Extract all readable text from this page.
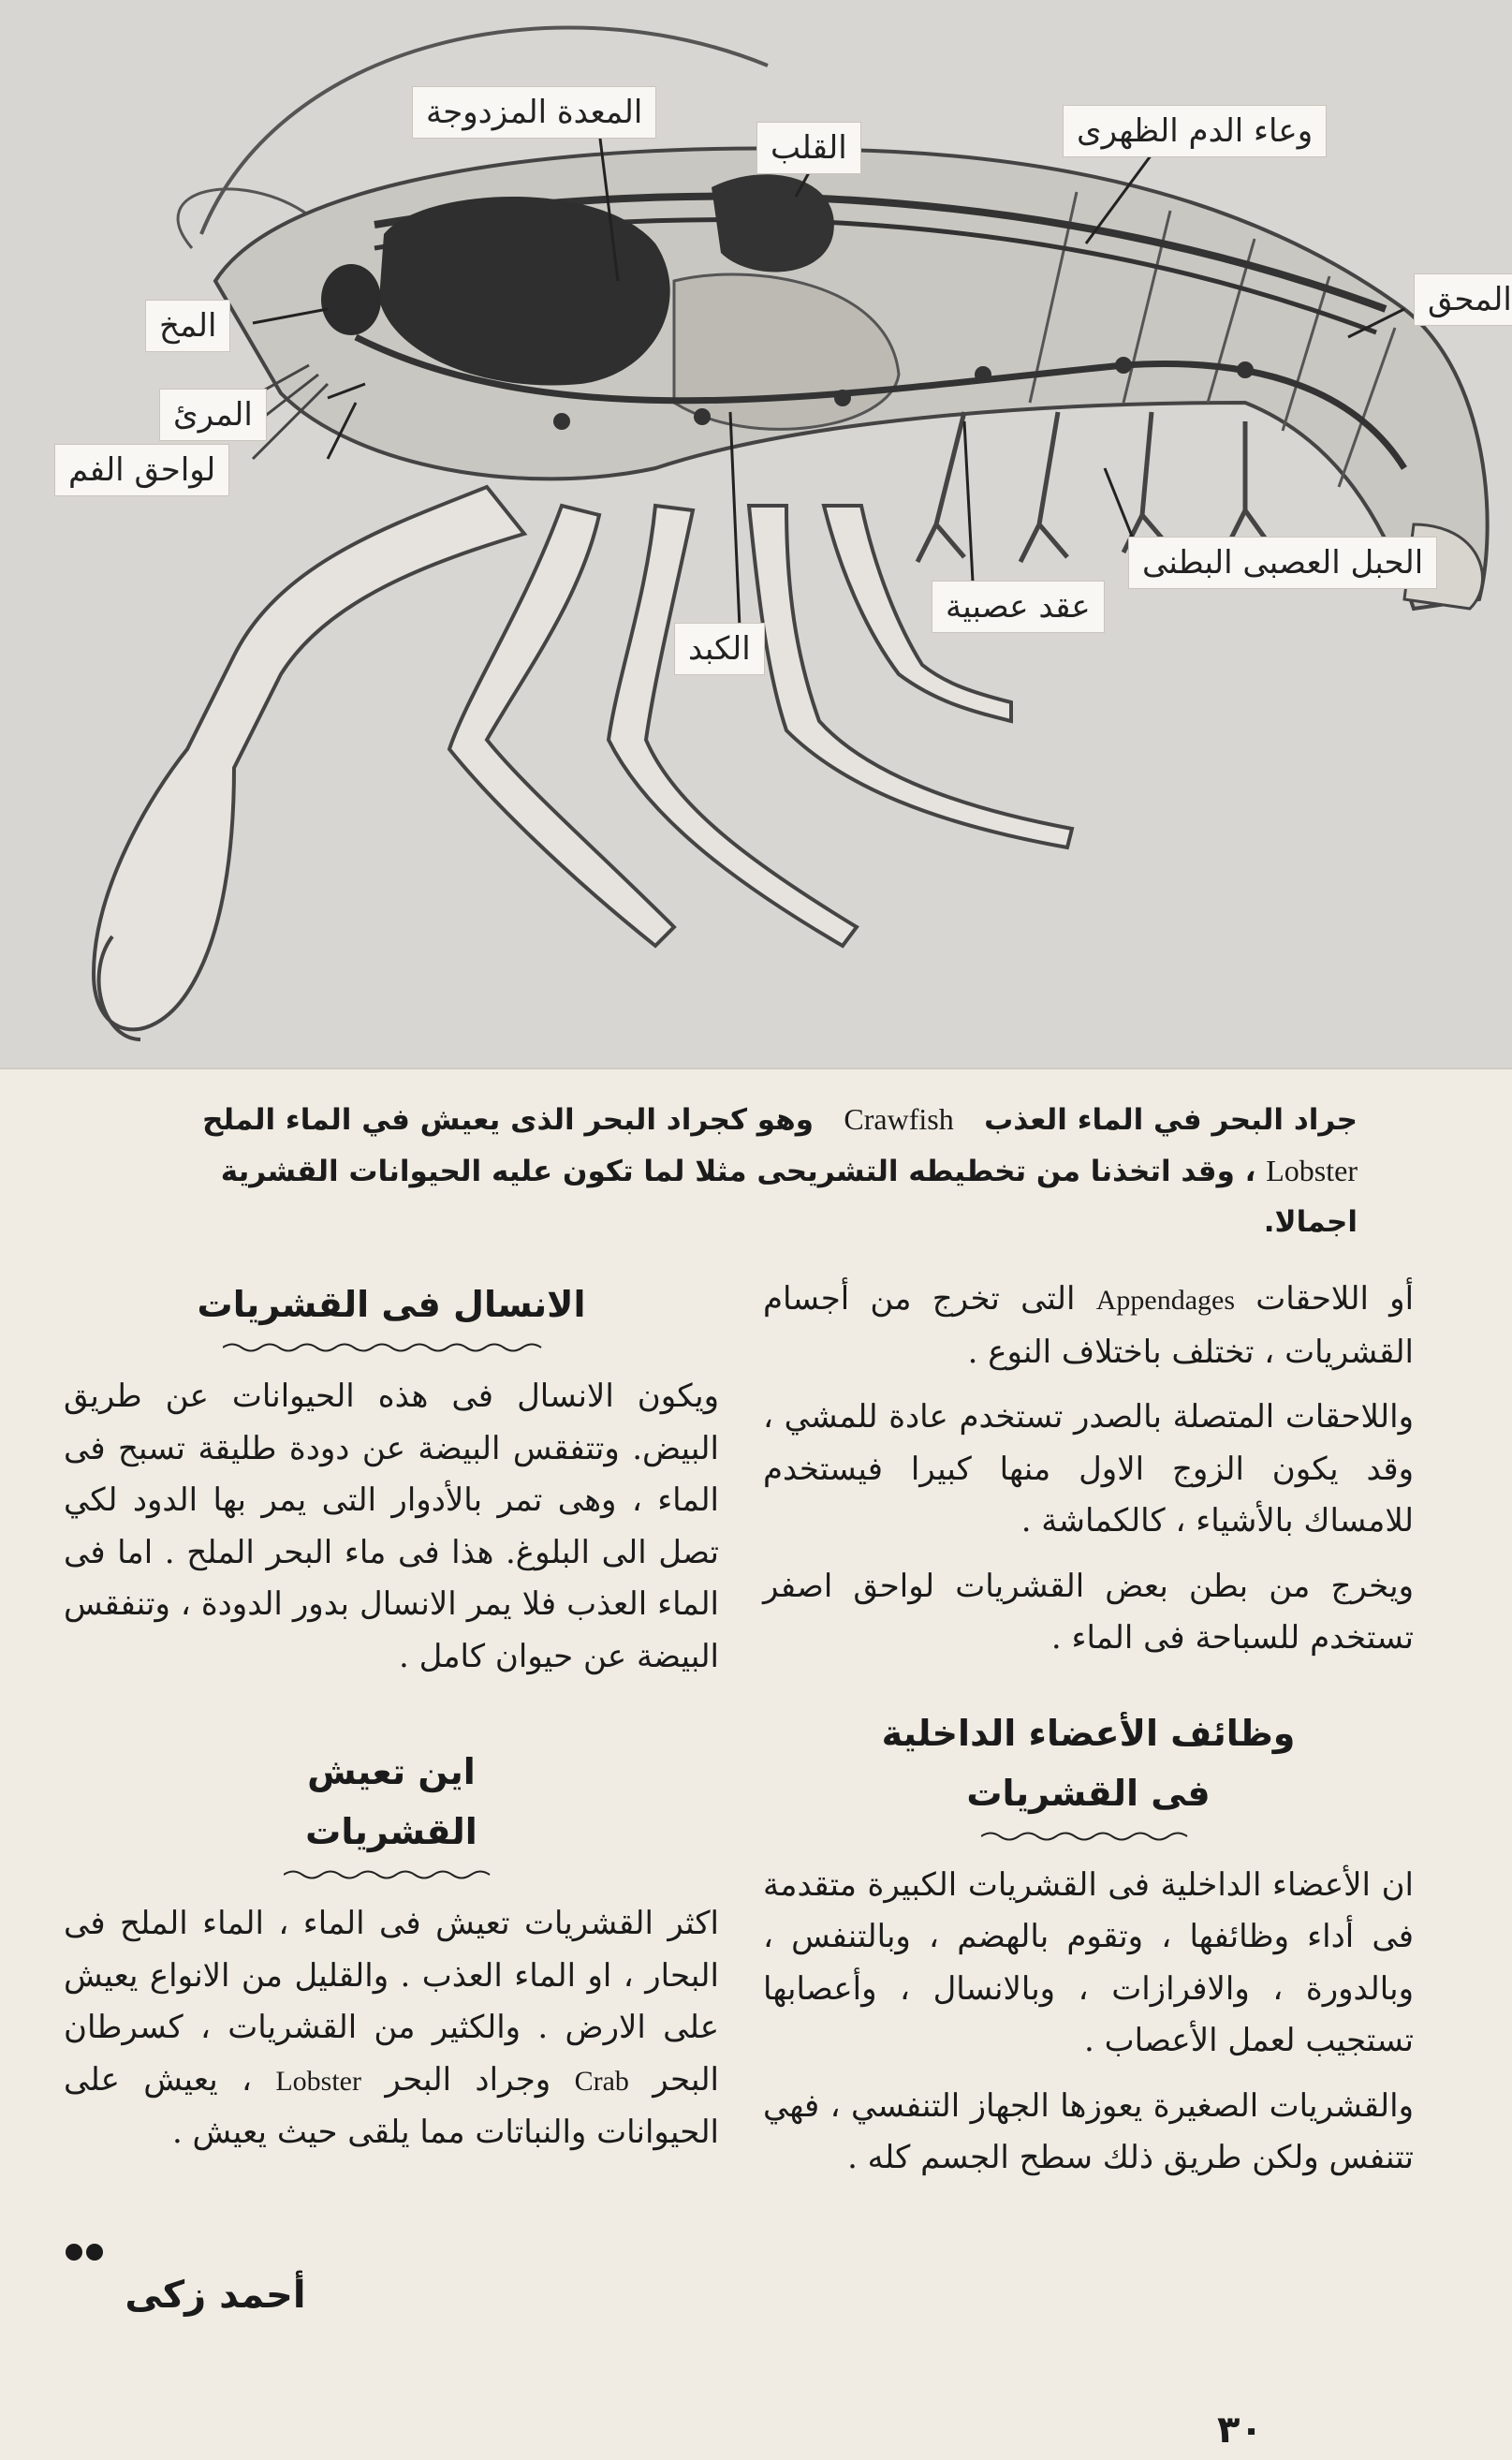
المعدة المزدوجة
القلب	وعاء الدم الظهرى
المحق
المخ
المرئ
لواحق الفم
الحبل العصبى البطنى
عقد عصبية
الكبد
جراد البحر في الماء العذب   Crawfish   وهو كجراد البحر الذى يعيش في الماء الملح Lobster ، وقد اتخذنا من تخطيطه التشريحى مثلا لما تكون عليه الحيوانات القشرية اجمالا.

أو اللاحقات Appendages التى تخرج من أجسام القشريات ، تختلف باختلاف النوع .

واللاحقات المتصلة بالصدر تستخدم عادة للمشي ، وقد يكون الزوج الاول منها كبيرا فيستخدم للامساك بالأشياء ، كالكماشة .

ويخرج من بطن بعض القشريات لواحق اصفر تستخدم للسباحة فى الماء .

وظائف الأعضاء الداخلية

فى القشريات

ان الأعضاء الداخلية فى القشريات الكبيرة متقدمة فى أداء وظائفها ، وتقوم بالهضم ، وبالتنفس ، وبالدورة ، والافرازات ، وبالانسال ، وأعصابها تستجيب لعمل الأعصاب .

والقشريات الصغيرة يعوزها الجهاز التنفسي ، فهي تتنفس ولكن طريق ذلك سطح الجسم كله .

الانسال فى القشريات

ويكون الانسال فى هذه الحيوانات عن طريق البيض. وتتفقس البيضة عن دودة طليقة تسبح فى الماء ، وهى تمر بالأدوار التى يمر بها الدود لكي تصل الى البلوغ. هذا فى ماء البحر الملح . اما فى الماء العذب فلا يمر الانسال بدور الدودة ، وتنفقس البيضة عن حيوان كامل .

اين تعيش

القشريات

اكثر القشريات تعيش فى الماء ، الماء الملح فى البحار ، او الماء العذب . والقليل من الانواع يعيش على الارض . والكثير من القشريات ، كسرطان البحر Crab وجراد البحر Lobster ، يعيش على الحيوانات والنباتات مما يلقى حيث يعيش .

أحمد زكى
٣٠
